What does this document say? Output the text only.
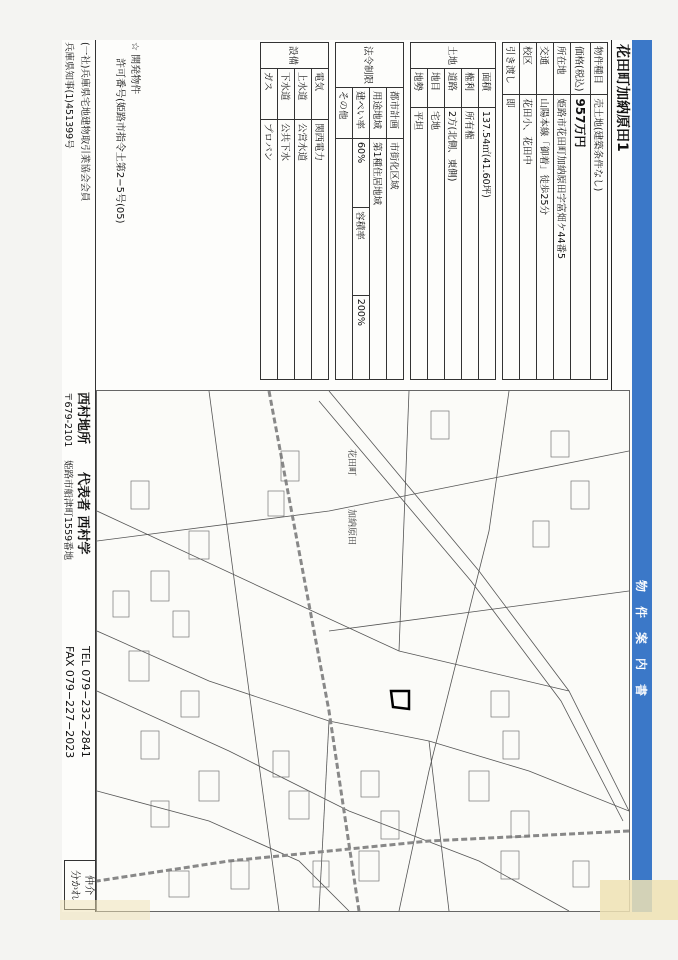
物件案内書
花田町加納原田1
物件種目	売土地(建築条件なし)
価格(税込)	957万円
所在地	姫路市花田町加納原田字富畑ケ44番5
交通	山陽本線「御着」徒歩25分
校区	花田小、花田中
引き渡し	即
土地	面積	137.54㎡(41.60坪)
	権利	所有権
	道路	2方(北側、東側)
	地目	宅地
	地勢	平坦
法令制限	都市計画	市街化区域		
	用途地域	第1種住居地域		
	建ぺい率	60%	容積率	200%
	その他			
設備	電気	関西電力
	上水道	公営水道
	下水道	公共下水
	ガス	プロパン
☆ 開発物件
許可番号(姫路市指令土第2−5号(05)
花田町
加納原田
(一社)兵庫県宅地建物取引業協会会員
兵庫県知事(1)451399号
西村地所
代表者 西村学
〒679-2101
姫路市船津町1559番地
TEL 079−232−2841
FAX 079−227−2023
仲介
分かれ
